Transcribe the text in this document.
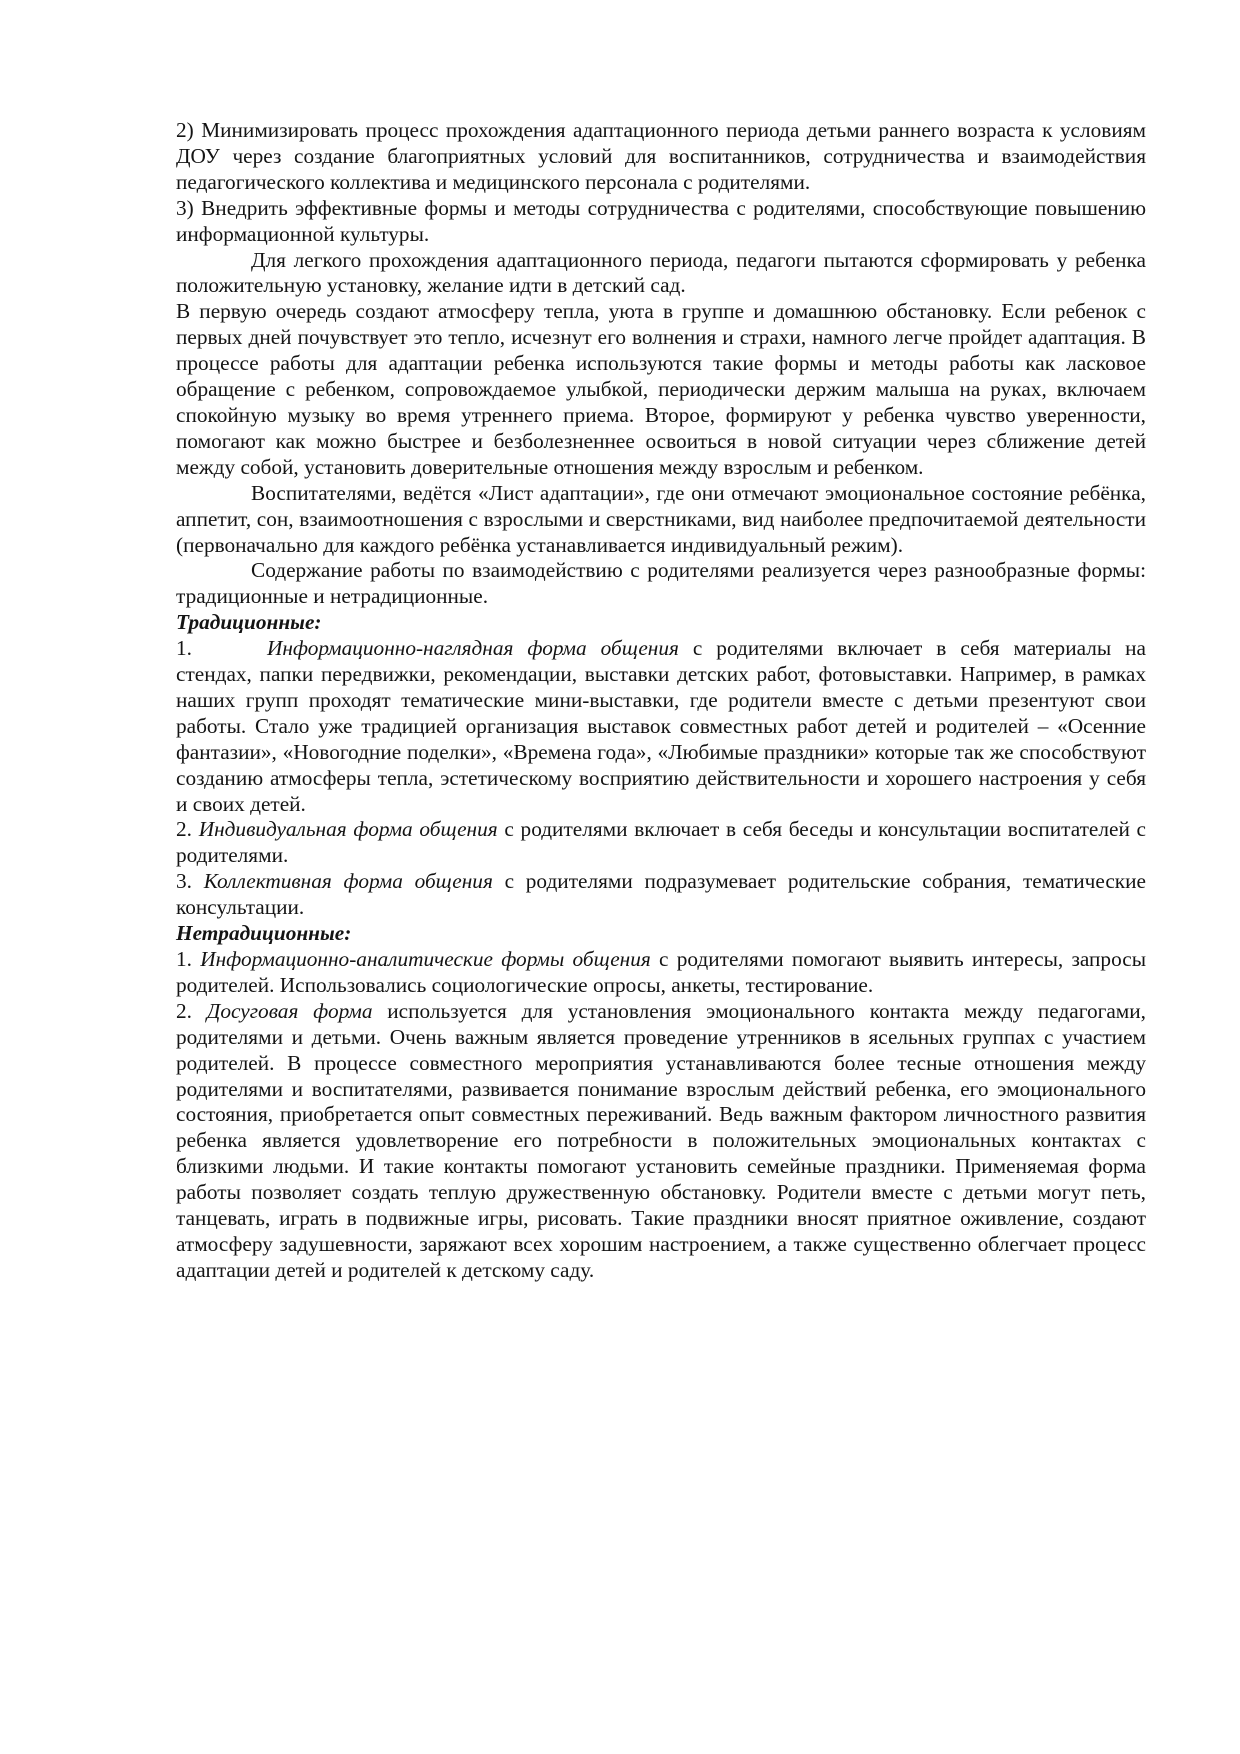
2) Минимизировать процесс прохождения адаптационного периода детьми раннего возраста к условиям ДОУ через создание благоприятных условий для воспитанников, сотрудничества и взаимодействия педагогического коллектива и медицинского персонала с родителями.

3) Внедрить эффективные формы и методы сотрудничества с родителями, способствующие повышению информационной культуры.

Для легкого прохождения адаптационного периода, педагоги пытаются сформировать у ребенка положительную установку, желание идти в детский сад.

В первую очередь создают атмосферу тепла, уюта в группе и домашнюю обстановку. Если ребенок с первых дней почувствует это тепло, исчезнут его волнения и страхи, намного легче пройдет адаптация. В процессе работы для адаптации ребенка используются такие формы и методы работы как ласковое обращение с ребенком, сопровождаемое улыбкой, периодически держим малыша на руках, включаем спокойную музыку во время утреннего приема. Второе, формируют у ребенка чувство уверенности, помогают как можно быстрее и безболезненнее освоиться в новой ситуации через сближение детей между собой, установить доверительные отношения между взрослым и ребенком.

Воспитателями, ведётся «Лист адаптации», где они отмечают эмоциональное состояние ребёнка, аппетит, сон, взаимоотношения с взрослыми и сверстниками, вид наиболее предпочитаемой деятельности (первоначально для каждого ребёнка устанавливается индивидуальный режим).

Содержание работы по взаимодействию с родителями реализуется через разнообразные формы: традиционные и нетрадиционные.

Традиционные:

1.	Информационно-наглядная форма общения с родителями включает в себя материалы на стендах, папки передвижки, рекомендации, выставки детских работ, фотовыставки. Например, в рамках наших групп проходят тематические мини-выставки, где родители вместе с детьми презентуют свои работы. Стало уже традицией организация выставок совместных работ детей и родителей – «Осенние фантазии», «Новогодние поделки», «Времена года», «Любимые праздники» которые так же способствуют созданию атмосферы тепла, эстетическому восприятию действительности и хорошего настроения у себя и своих детей.

2. Индивидуальная форма общения с родителями включает в себя беседы и консультации воспитателей с родителями.

3. Коллективная форма общения с родителями подразумевает родительские собрания, тематические консультации.

Нетрадиционные:

1. Информационно-аналитические формы общения с родителями помогают выявить интересы, запросы родителей. Использовались социологические опросы, анкеты, тестирование.

2. Досуговая форма используется для установления эмоционального контакта между педагогами, родителями и детьми. Очень важным является проведение утренников в ясельных группах с участием родителей. В процессе совместного мероприятия устанавливаются более тесные отношения между родителями и воспитателями, развивается понимание взрослым действий ребенка, его эмоционального состояния, приобретается опыт совместных переживаний. Ведь важным фактором личностного развития ребенка является удовлетворение его потребности в положительных эмоциональных контактах с близкими людьми. И такие контакты помогают установить семейные праздники. Применяемая форма работы позволяет создать теплую дружественную обстановку. Родители вместе с детьми могут петь, танцевать, играть в подвижные игры, рисовать. Такие праздники вносят приятное оживление, создают атмосферу задушевности, заряжают всех хорошим настроением, а также существенно облегчает процесс адаптации детей и родителей к детскому саду.
